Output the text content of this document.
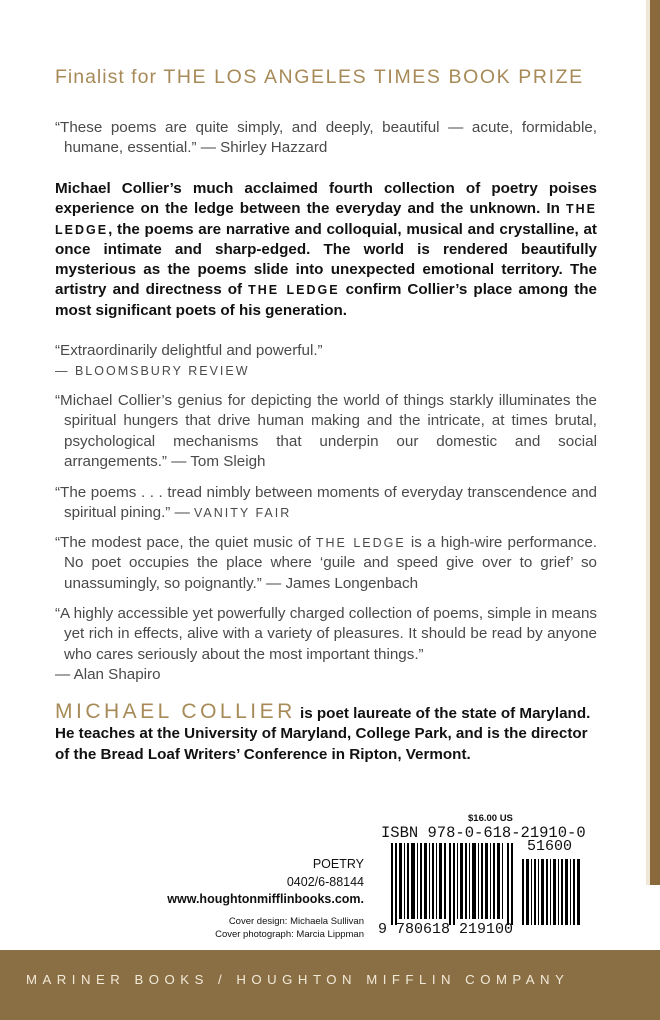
Finalist for THE LOS ANGELES TIMES BOOK PRIZE
“These poems are quite simply, and deeply, beautiful — acute, formidable, humane, essential.” — Shirley Hazzard
Michael Collier’s much acclaimed fourth collection of poetry poises experience on the ledge between the everyday and the unknown. In THE LEDGE, the poems are narrative and colloquial, musical and crystalline, at once intimate and sharp-edged. The world is rendered beautifully mysterious as the poems slide into unexpected emotional territory. The artistry and directness of THE LEDGE confirm Collier’s place among the most significant poets of his generation.
“Extraordinarily delightful and powerful.”
— BLOOMSBURY REVIEW
“Michael Collier’s genius for depicting the world of things starkly illuminates the spiritual hungers that drive human making and the intricate, at times brutal, psychological mechanisms that underpin our domestic and social arrangements.” — Tom Sleigh
“The poems . . . tread nimbly between moments of everyday transcendence and spiritual pining.” — VANITY FAIR
“The modest pace, the quiet music of THE LEDGE is a high-wire performance. No poet occupies the place where ‘guile and speed give over to grief’ so unassumingly, so poignantly.” — James Longenbach
“A highly accessible yet powerfully charged collection of poems, simple in means yet rich in effects, alive with a variety of pleasures. It should be read by anyone who cares seriously about the most important things.”
— Alan Shapiro
MICHAEL COLLIER is poet laureate of the state of Maryland. He teaches at the University of Maryland, College Park, and is the director of the Bread Loaf Writers’ Conference in Ripton, Vermont.
POETRY
0402/6-88144
www.houghtonmifflinbooks.com.
Cover design: Michaela Sullivan
Cover photograph: Marcia Lippman
$16.00 US
ISBN 978-0-618-21910-0
51600
9 780618 219100
MARINER BOOKS / HOUGHTON MIFFLIN COMPANY
